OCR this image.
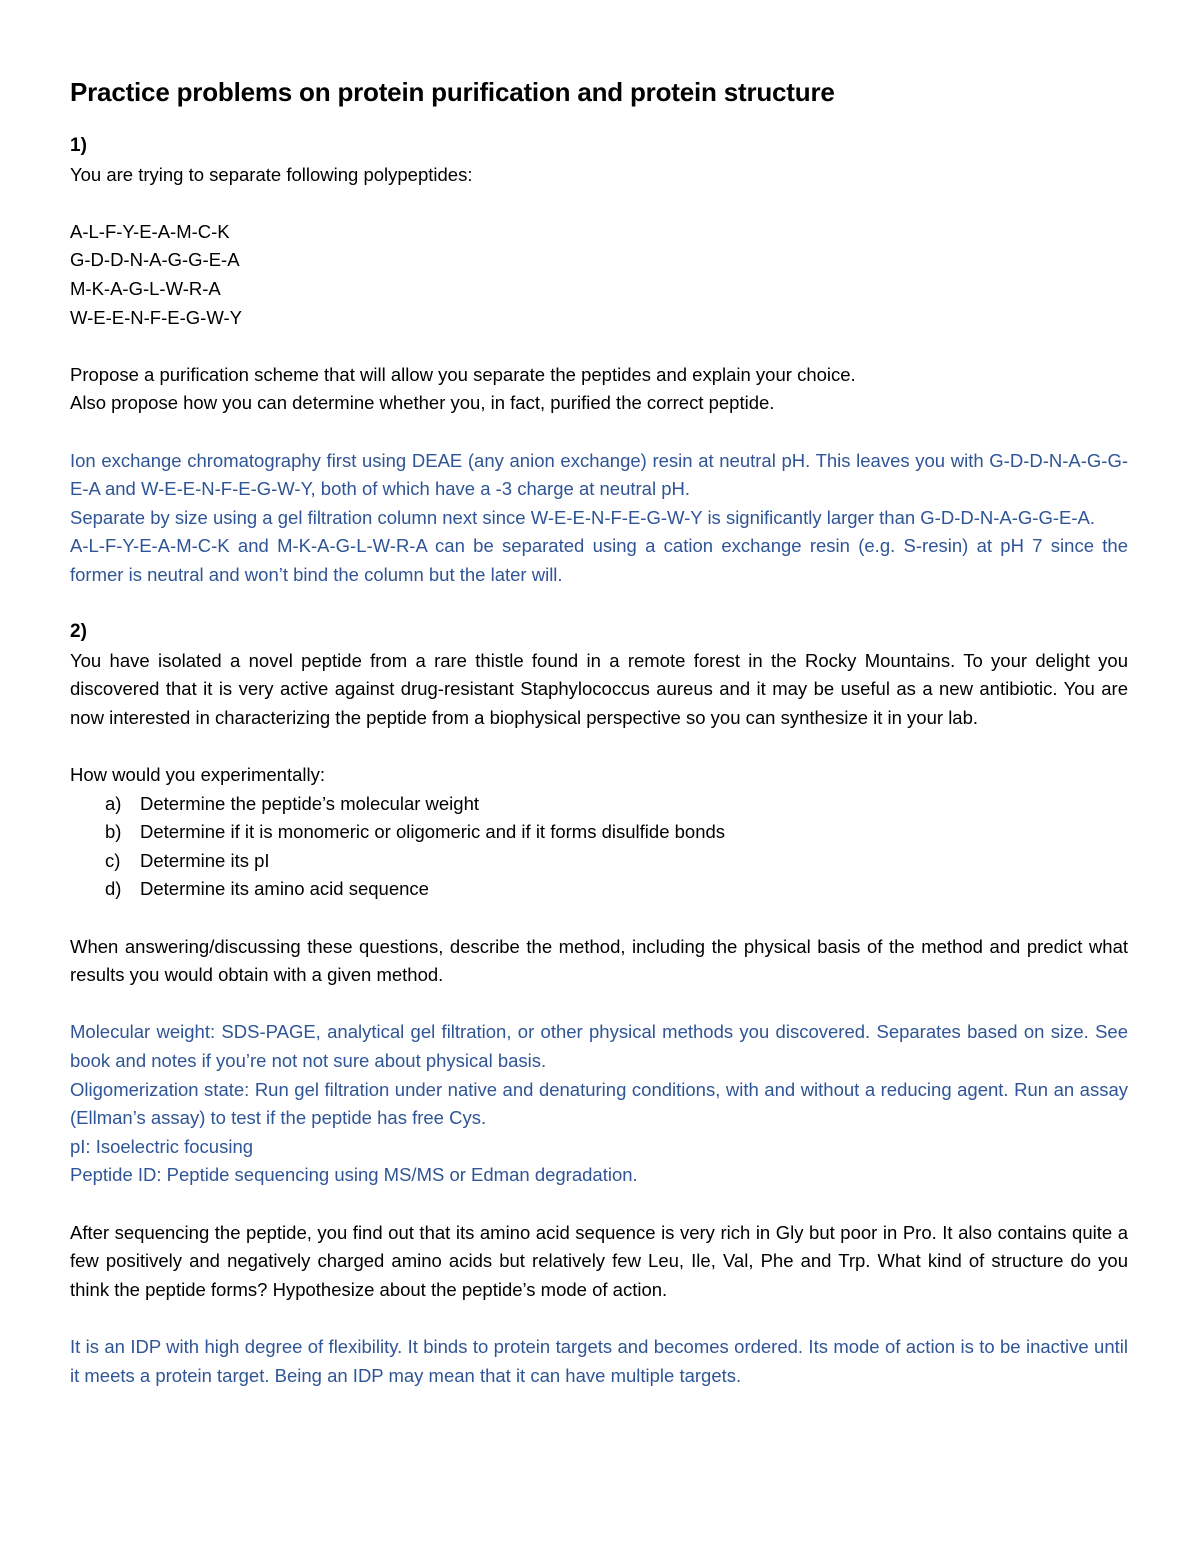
Practice problems on protein purification and protein structure
1)

You are trying to separate following polypeptides:

A-L-F-Y-E-A-M-C-K
G-D-D-N-A-G-G-E-A
M-K-A-G-L-W-R-A
W-E-E-N-F-E-G-W-Y

Propose a purification scheme that will allow you separate the peptides and explain your choice.

Also propose how you can determine whether you, in fact, purified the correct peptide.

Ion exchange chromatography first using DEAE (any anion exchange) resin at neutral pH. This leaves you with G-D-D-N-A-G-G-E-A and W-E-E-N-F-E-G-W-Y, both of which have a -3 charge at neutral pH.

Separate by size using a gel filtration column next since W-E-E-N-F-E-G-W-Y is significantly larger than G-D-D-N-A-G-G-E-A.

A-L-F-Y-E-A-M-C-K and M-K-A-G-L-W-R-A can be separated using a cation exchange resin (e.g. S-resin) at pH 7 since the former is neutral and won’t bind the column but the later will.

2)

You have isolated a novel peptide from a rare thistle found in a remote forest in the Rocky Mountains. To your delight you discovered that it is very active against drug-resistant Staphylococcus aureus and it may be useful as a new antibiotic. You are now interested in characterizing the peptide from a biophysical perspective so you can synthesize it in your lab.

How would you experimentally:

a)	Determine the peptide’s molecular weight
b)	Determine if it is monomeric or oligomeric and if it forms disulfide bonds
c)	Determine its pI
d)	Determine its amino acid sequence

When answering/discussing these questions, describe the method, including the physical basis of the method and predict what results you would obtain with a given method.

Molecular weight: SDS-PAGE, analytical gel filtration, or other physical methods you discovered. Separates based on size. See book and notes if you’re not not sure about physical basis.

Oligomerization state: Run gel filtration under native and denaturing conditions, with and without a reducing agent. Run an assay (Ellman’s assay) to test if the peptide has free Cys.

pI: Isoelectric focusing

Peptide ID: Peptide sequencing using MS/MS or Edman degradation.

After sequencing the peptide, you find out that its amino acid sequence is very rich in Gly but poor in Pro. It also contains quite a few positively and negatively charged amino acids but relatively few Leu, Ile, Val, Phe and Trp. What kind of structure do you think the peptide forms? Hypothesize about the peptide’s mode of action.

It is an IDP with high degree of flexibility. It binds to protein targets and becomes ordered. Its mode of action is to be inactive until it meets a protein target. Being an IDP may mean that it can have multiple targets.
